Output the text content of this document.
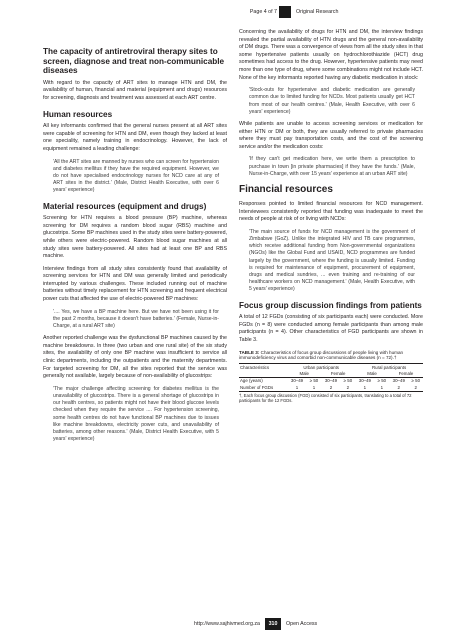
Page 4 of 7	Original Research
The capacity of antiretroviral therapy sites to screen, diagnose and treat non-communicable diseases

With regard to the capacity of ART sites to manage HTN and DM, the availability of human, financial and material (equipment and drugs) resources for screening, diagnosis and treatment was assessed at each ART centre.

Human resources

All key informants confirmed that the general nurses present at all ART sites were capable of screening for HTN and DM, even though they lacked at least one speciality, namely training in endocrinology. However, the lack of equipment remained a leading challenge:

'All the ART sites are manned by nurses who can screen for hypertension and diabetes mellitus if they have the required equipment. However, we do not have specialised endocrinology nurses for NCD care at any of ART sites in the district.' (Male, District Health Executive, with over 6 years' experience)
Material resources (equipment and drugs)

Screening for HTN requires a blood pressure (BP) machine, whereas screening for DM requires a random blood sugar (RBS) machine and glucostrips. Some BP machines used in the study sites were battery-powered, while others were electric-powered. Random blood sugar machines at all study sites were battery-powered. All sites had at least one BP and RBS machine.

Interview findings from all study sites consistently found that availability of screening services for HTN and DM was generally limited and periodically interrupted by various challenges. These included running out of machine batteries without timely replacement for HTN screening and frequent electrical power cuts that affected the use of electric-powered BP machines:

'.... Yes, we have a BP machine here. But we have not been using it for the past 2 months, because it doesn't have batteries.' (Female, Nurse-in-Charge, at a rural ART site)

Another reported challenge was the dysfunctional BP machines caused by the machine breakdowns. In three (two urban and one rural site) of the six study sites, the availability of only one BP machine was insufficient to service all clinic departments, including the outpatients and the maternity departments. For targeted screening for DM, all the sites reported that the service was generally not available, largely because of non-availability of glucostrips:

'The major challenge affecting screening for diabetes mellitus is the unavailability of glucostrips. There is a general shortage of glucostrips in our health centres, so patients might not have their blood glucose levels checked when they require the service .... For hypertension screening, some health centres do not have functional BP machines due to issues like machine breakdowns, electricity power cuts, and unavailability of batteries, among other reasons.' (Male, District Health Executive, with 5 years' experience)

Concerning the availability of drugs for HTN and DM, the interview findings revealed the partial availability of HTN drugs and the general non-availability of DM drugs. There was a convergence of views from all the study sites in that some hypertensive patients usually on hydrochlorothiazide (HCT) drug sometimes had access to the drug. However, hypertensive patients may need more than one type of drug, where some combinations might not include HCT. None of the key informants reported having any diabetic medication in stock:

'Stock-outs for hypertensive and diabetic medication are generally common due to limited funding for NCDs. Most patients usually get HCT from most of our health centres.' (Male, Health Executive, with over 6 years' experience)

While patients are unable to access screening services or medication for either HTN or DM or both, they are usually referred to private pharmacies where they must pay transportation costs, and the cost of the screening service and/or the medication costs:

'If they can't get medication here, we write them a prescription to purchase in town [in private pharmacies] if they have the funds.' (Male, Nurse-in-Charge, with over 15 years' experience at an urban ART site)
Financial resources

Responses pointed to limited financial resources for NCD management. Interviewees consistently reported that funding was inadequate to meet the needs of people at risk of or living with NCDs:

'The main source of funds for NCD management is the government of Zimbabwe (GoZ). Unlike the integrated HIV and TB care programmes, which receive additional funding from Non-governmental organizations (NGOs) like the Global Fund and USAID, NCD programmes are funded largely by the government, where the funding is usually limited. Funding is required for maintenance of equipment, procurement of equipment, drugs and medical sundries, ... even training and re-training of our healthcare workers on NCD management.' (Male, Health Executive, with 5 years' experience)
Focus group discussion findings from patients

A total of 12 FGDs (consisting of six participants each) were conducted. More FGDs (n = 8) were conducted among female participants than among male participants (n = 4). Other characteristics of FGD participants are shown in Table 3.

TABLE 3: Characteristics of focus group discussions of people living with human immunodeficiency virus and comorbid non-communicable diseases (n = 72).†
Characteristics	Urban participants				Rural participants			
	Male		Female		Male		Female	
Age (years)	30–49	≥ 50	30–49	≥ 50	30–49	≥ 50	30–49	≥ 50
Number of FGDs	1	1	2	2	1	1	2	2
†, Each focus group discussion (FGD) consisted of six participants, translating to a total of 72 participants for the 12 FGDs.
http://www.sajhivmed.org.za	310	Open Access
